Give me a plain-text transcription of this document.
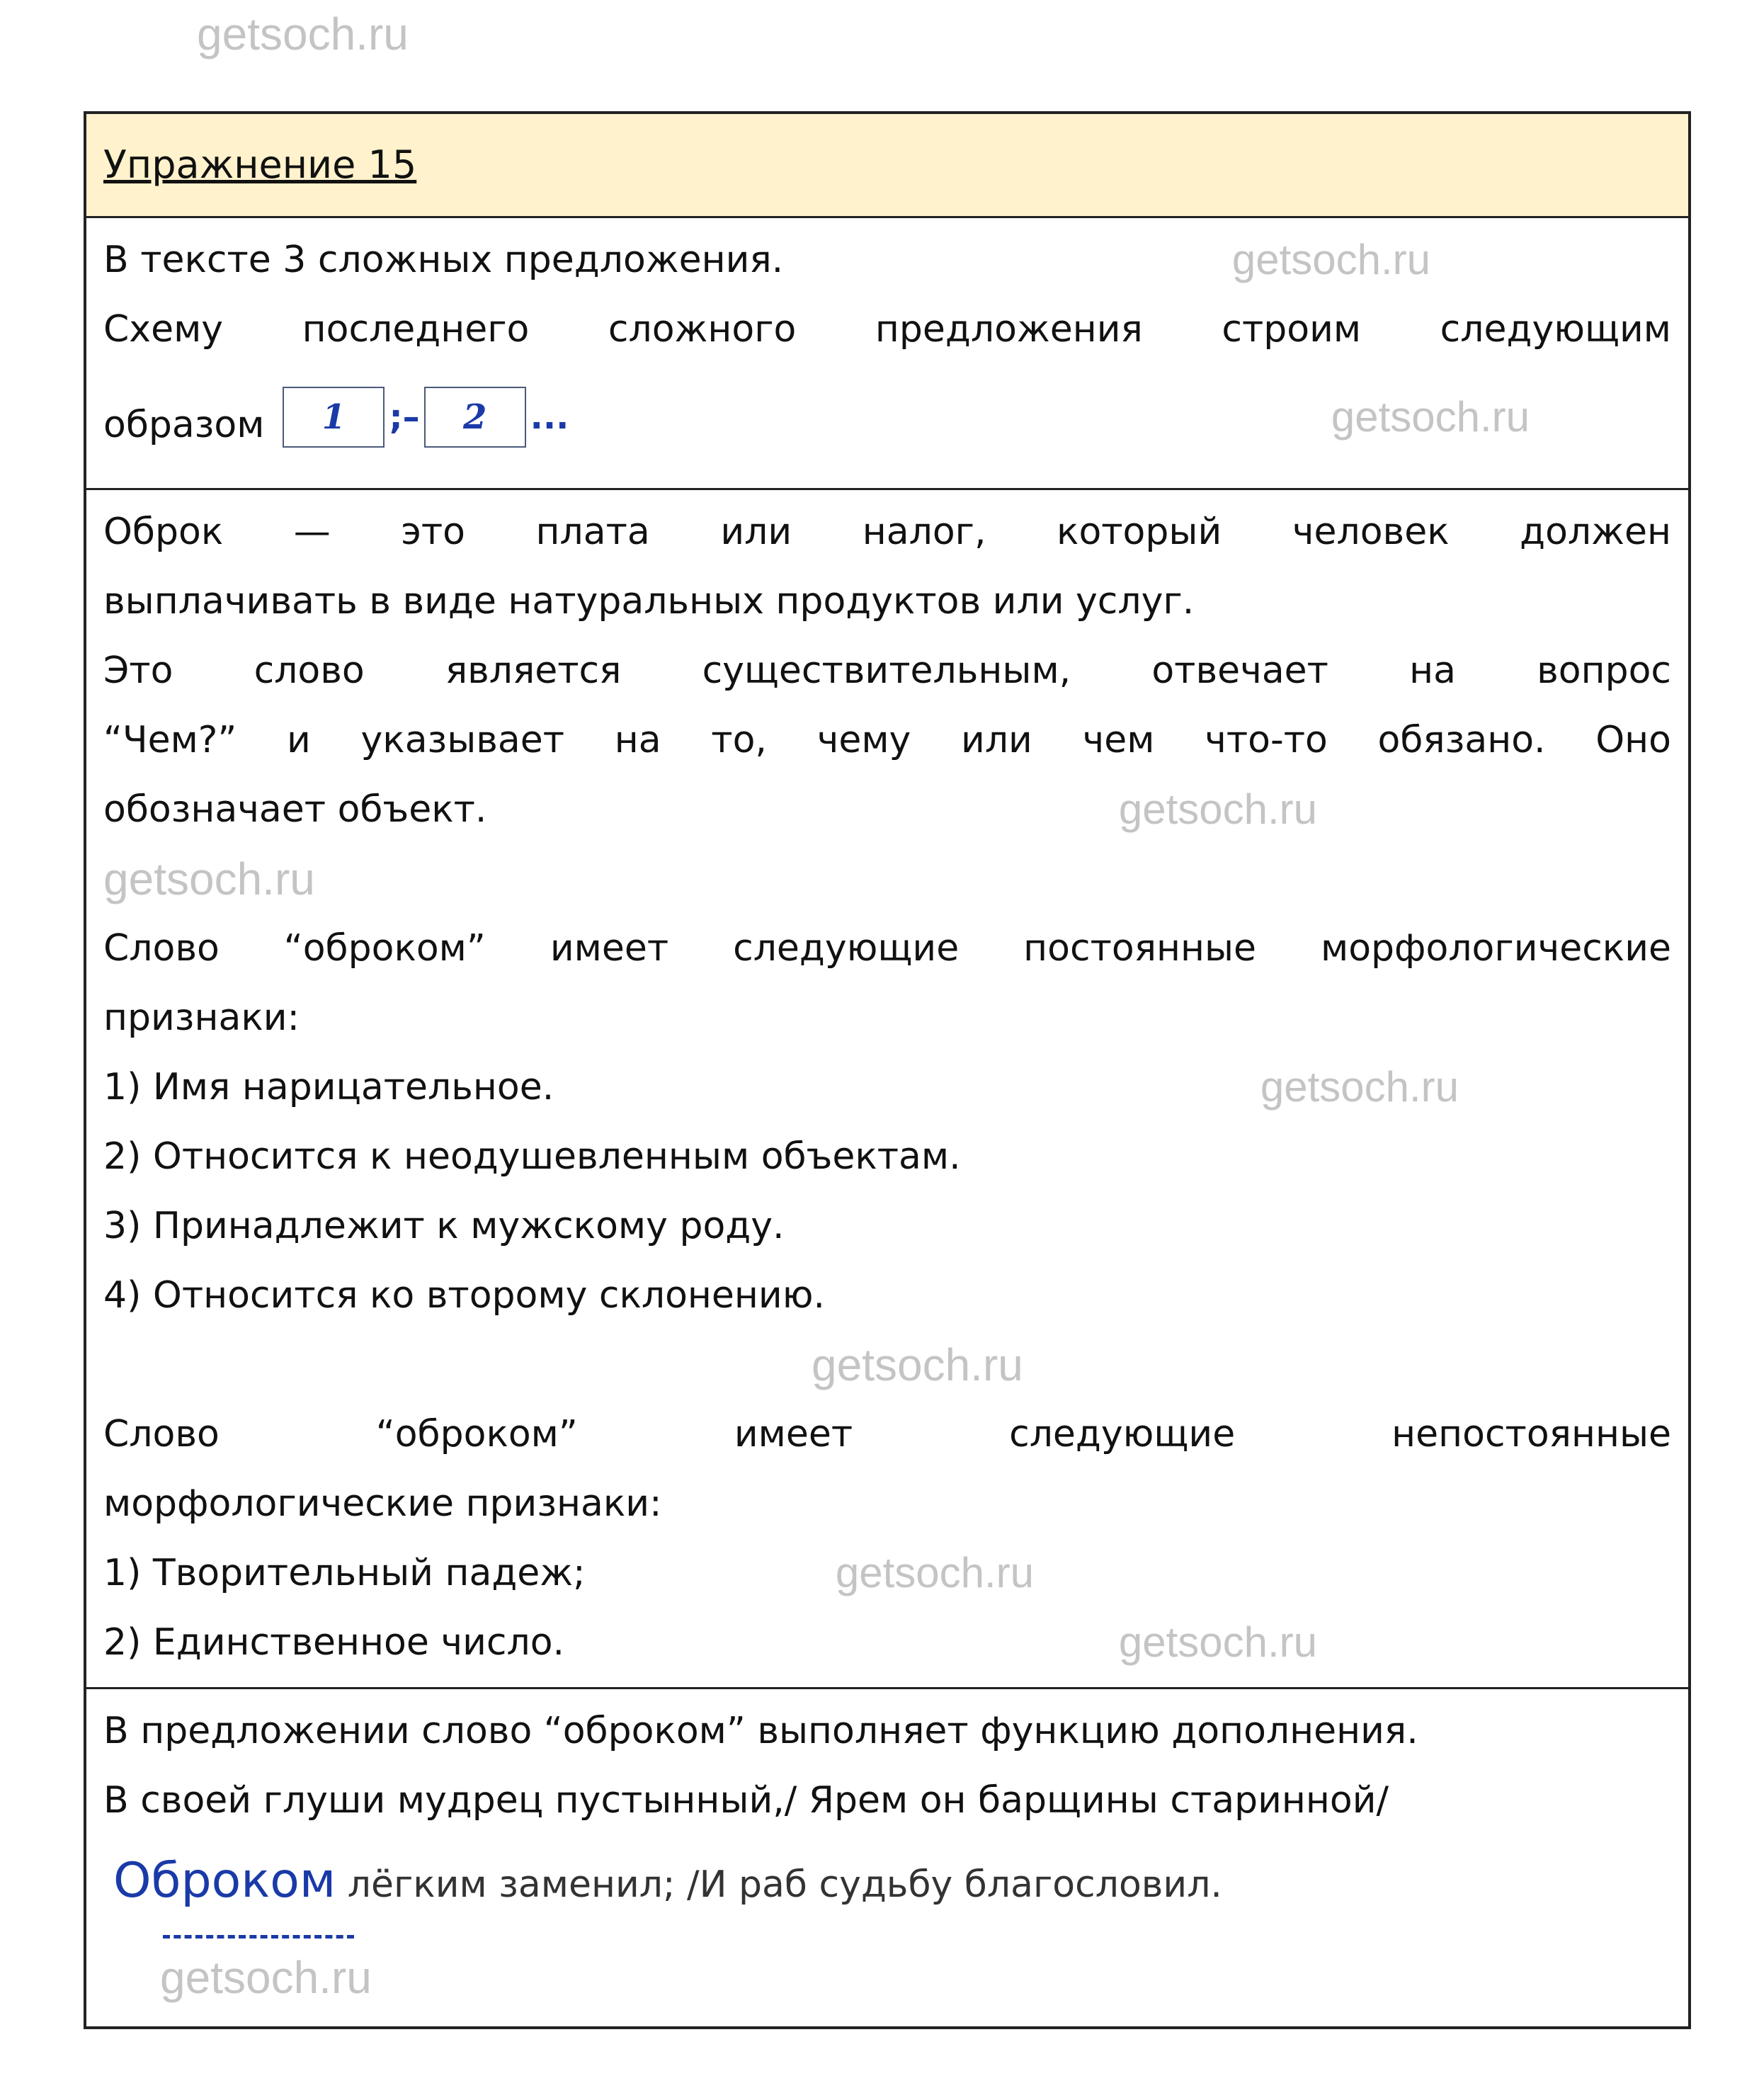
getsoch.ru
Упражнение 15

getsoch.ru
В тексте 3 сложных предложения.

Схему последнего сложного предложения строим следующим

getsoch.ru
образом	1	;–	2	...

Оброк — это плата или налог, который человек должен

выплачивать в виде натуральных продуктов или услуг.

Это слово является существительным, отвечает на вопрос

“Чем?” и указывает на то, чему или чем что-то обязано. Оно

getsoch.ru
обозначает объект.

getsoch.ru

Слово “оброком” имеет следующие постоянные морфологические

признаки:

getsoch.ru
1) Имя нарицательное.

2) Относится к неодушевленным объектам.

3) Принадлежит к мужскому роду.

4) Относится ко второму склонению.

getsoch.ru

Слово “оброком” имеет следующие непостоянные

морфологические признаки:

getsoch.ru
1) Творительный падеж;

getsoch.ru
2) Единственное число.

В предложении слово “оброком” выполняет функцию дополнения.

В своей глуши мудрец пустынный,/ Ярем он барщины старинной/

Оброком лёгким заменил; /И раб судьбу благословил.

getsoch.ru
